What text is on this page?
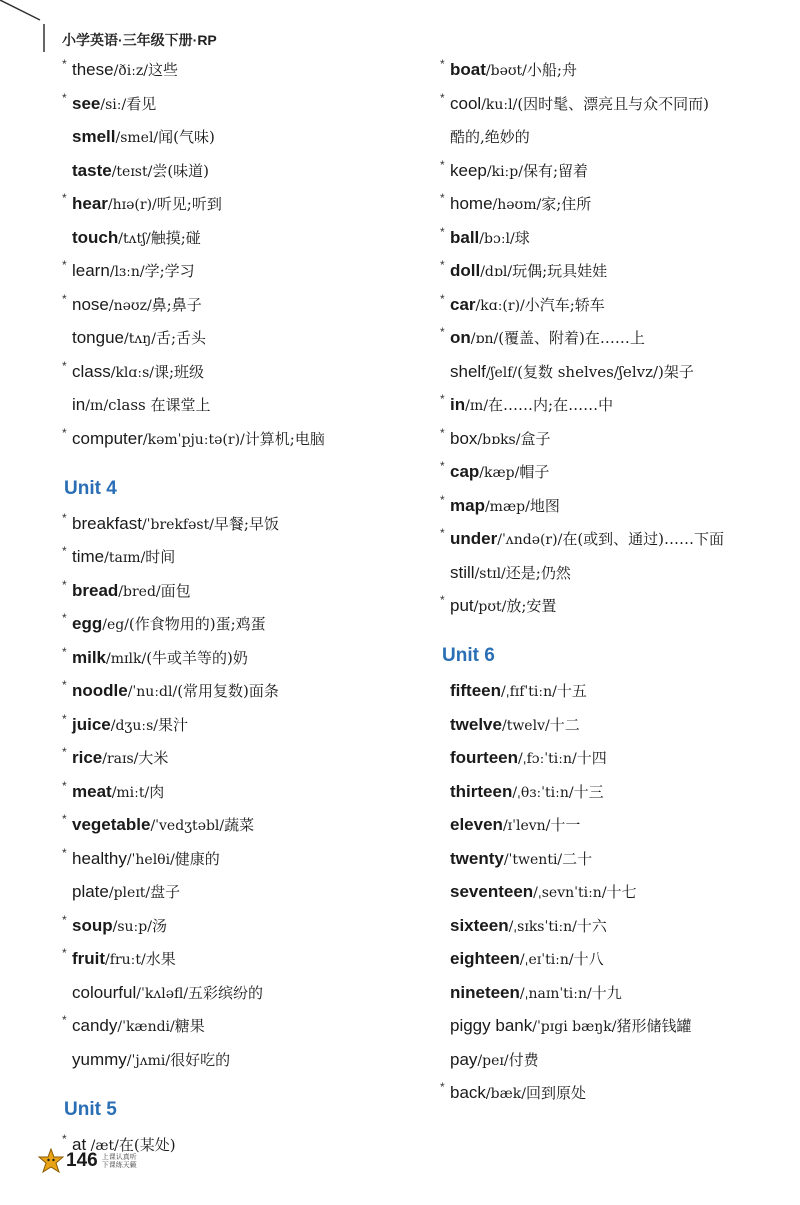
小学英语·三年级下册·RP
* these/ðiːz/这些
* see/siː/看见
smell/smel/闻(气味)
taste/teɪst/尝(味道)
* hear/hɪə(r)/听见;听到
touch/tʌtʃ/触摸;碰
* learn/lɜːn/学;学习
* nose/nəʊz/鼻;鼻子
tongue/tʌŋ/舌;舌头
* class/klɑːs/课;班级
in/ɪn/class 在课堂上
* computer/kəmˈpjuːtə(r)/计算机;电脑
Unit 4
* breakfast/ˈbrekfəst/早餐;早饭
* time/taɪm/时间
* bread/bred/面包
* egg/eg/(作食物用的)蛋;鸡蛋
* milk/mɪlk/(牛或羊等的)奶
* noodle/ˈnuːdl/(常用复数)面条
* juice/dʒuːs/果汁
* rice/raɪs/大米
* meat/miːt/肉
* vegetable/ˈvedʒtəbl/蔬菜
* healthy/ˈhelθi/健康的
plate/pleɪt/盘子
* soup/suːp/汤
* fruit/fruːt/水果
colourful/ˈkʌləfl/五彩缤纷的
* candy/ˈkændi/糖果
yummy/ˈjʌmi/很好吃的
Unit 5
* at /æt/在(某处)
* boat/bəʊt/小船;舟
* cool/kuːl/(因时髦、漂亮且与众不同而)
酷的,绝妙的
* keep/kiːp/保有;留着
* home/həʊm/家;住所
* ball/bɔːl/球
* doll/dɒl/玩偶;玩具娃娃
* car/kɑː(r)/小汽车;轿车
* on/ɒn/(覆盖、附着)在……上
shelf/ʃelf/(复数 shelves/ʃelvz/)架子
* in/ɪn/在……内;在……中
* box/bɒks/盒子
* cap/kæp/帽子
* map/mæp/地图
* under/ˈʌndə(r)/在(或到、通过)……下面
still/stɪl/还是;仍然
* put/pʊt/放;安置
Unit 6
fifteen/ˌfɪfˈtiːn/十五
twelve/twelv/十二
fourteen/ˌfɔːˈtiːn/十四
thirteen/ˌθɜːˈtiːn/十三
eleven/ɪˈlevn/十一
twenty/ˈtwenti/二十
seventeen/ˌsevnˈtiːn/十七
sixteen/ˌsɪksˈtiːn/十六
eighteen/ˌeɪˈtiːn/十八
nineteen/ˌnaɪnˈtiːn/十九
piggy bank/ˈpɪgi bæŋk/猪形储钱罐
pay/peɪ/付费
* back/bæk/回到原处
146 上课认真听
下课练天籁
